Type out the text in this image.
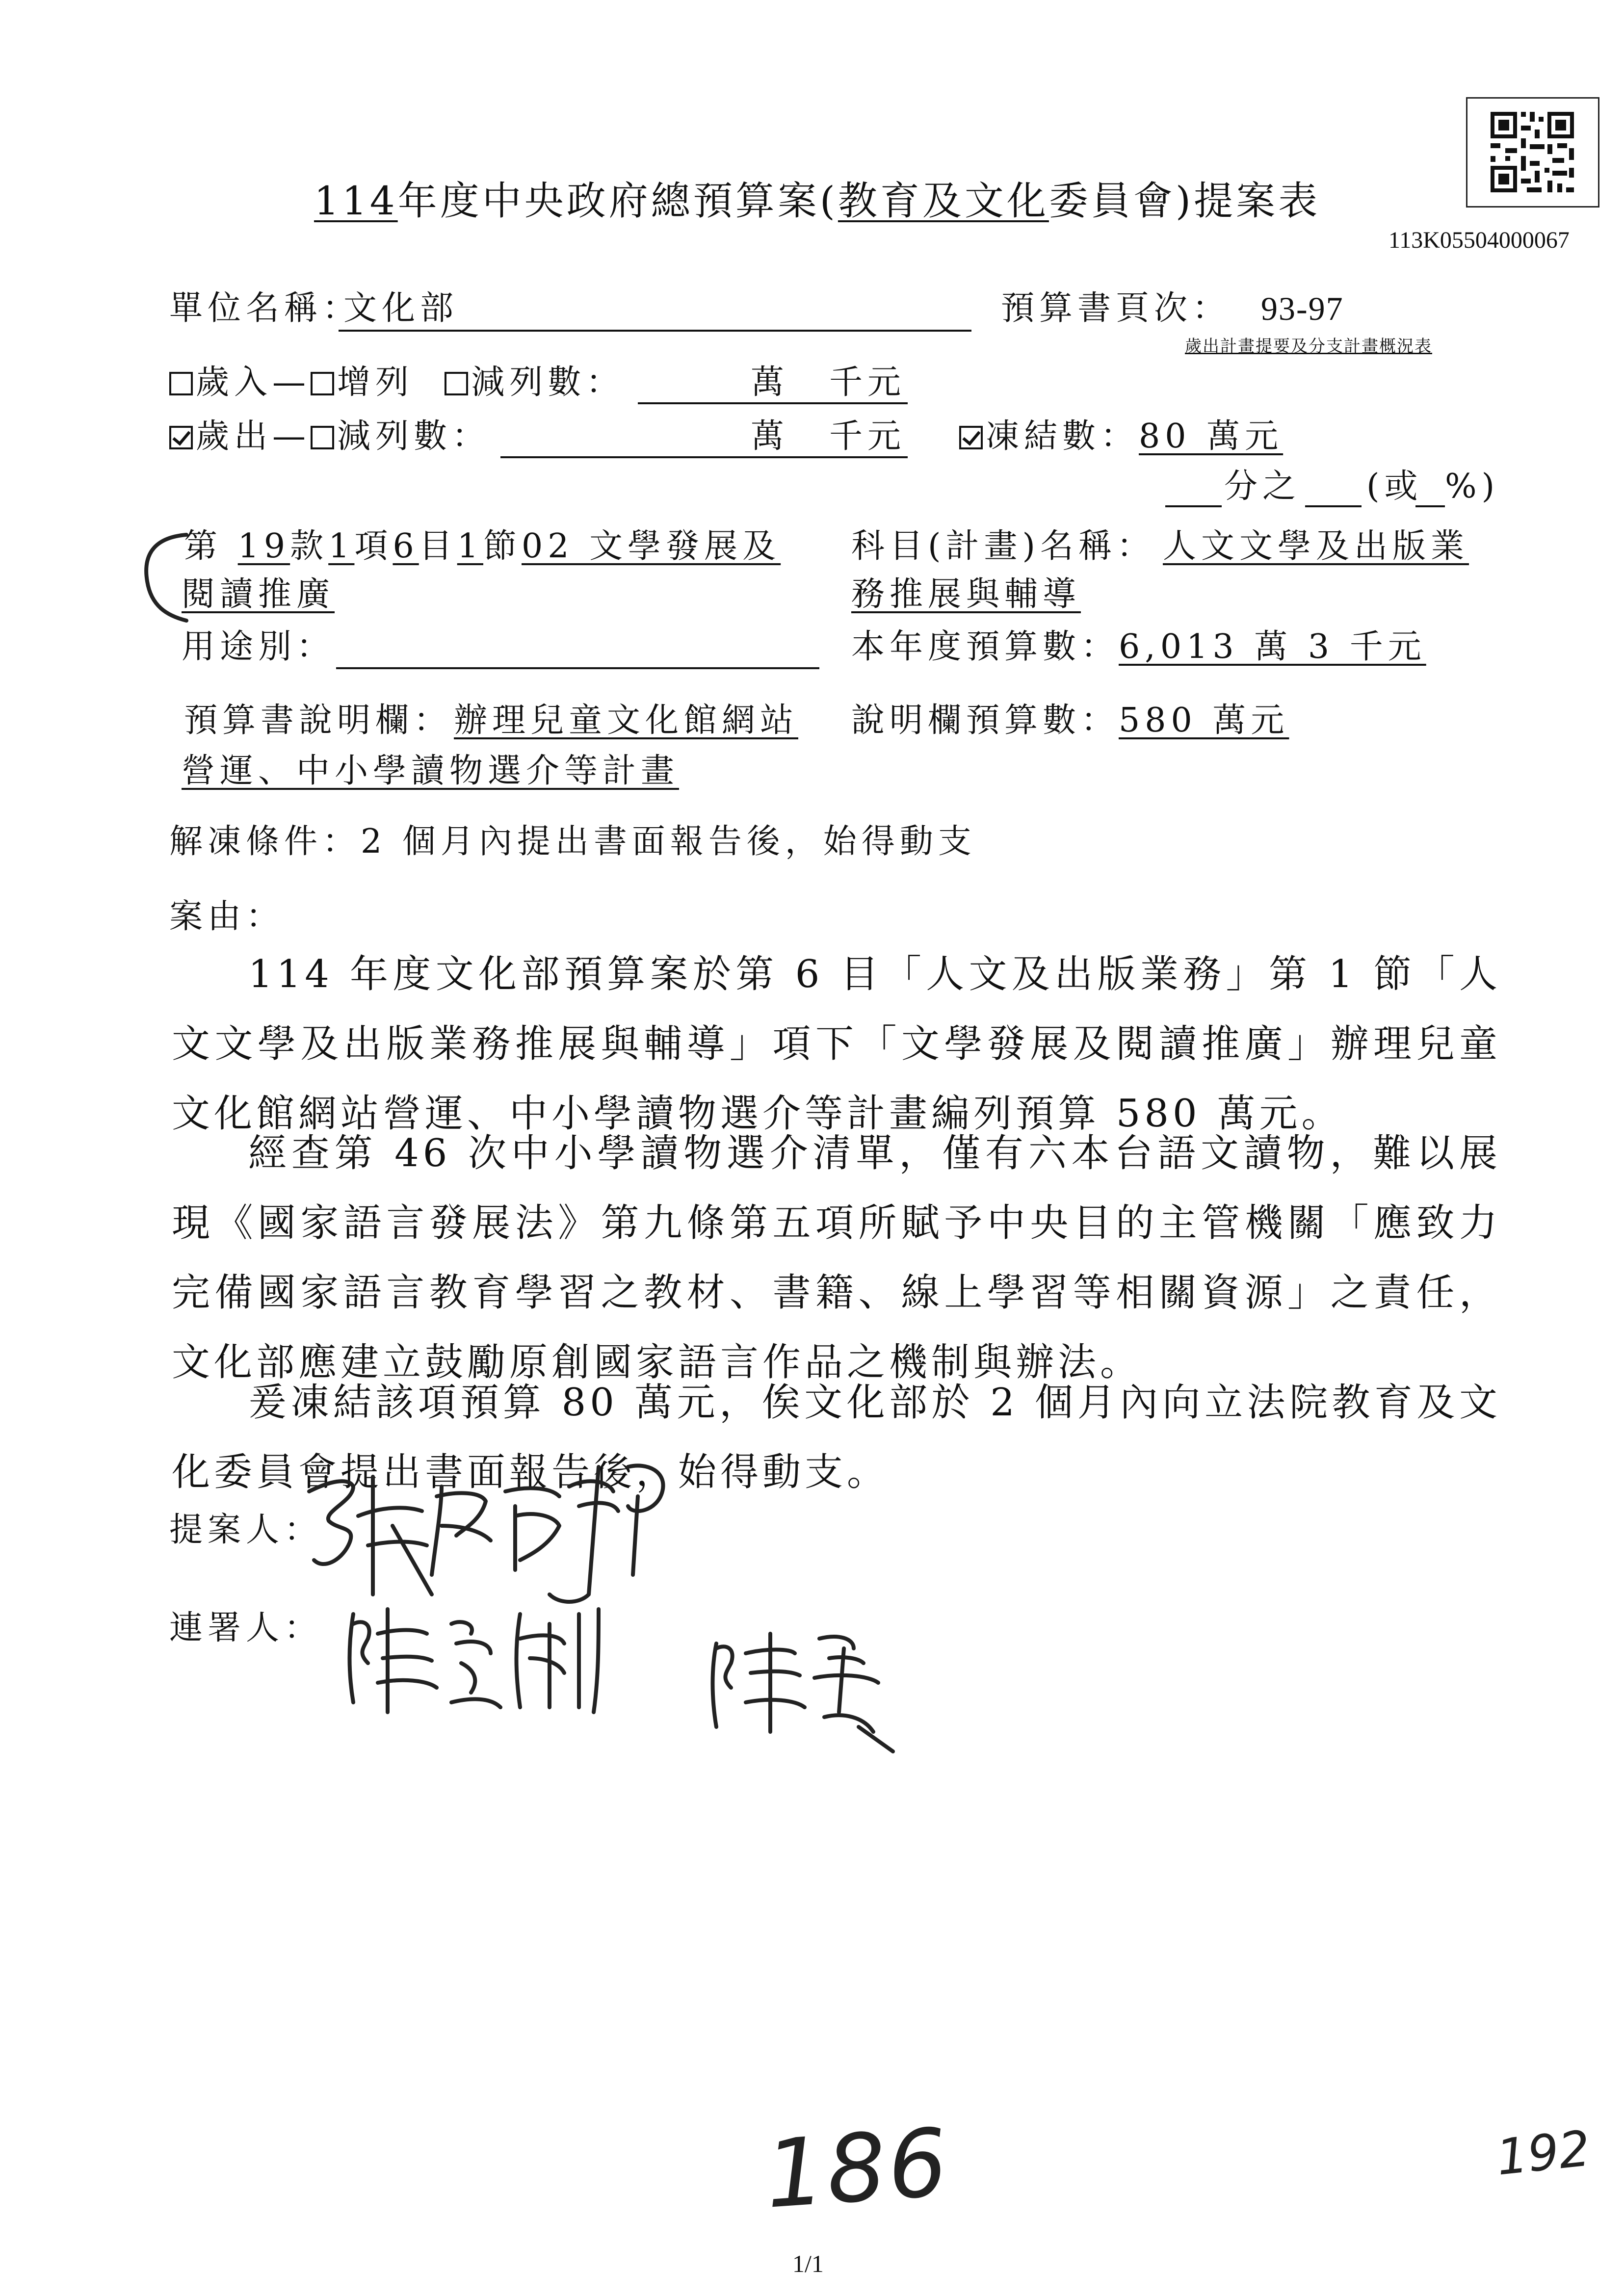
113K05504000067
114年度中央政府總預算案(教育及文化委員會)提案表
單位名稱：
文化部	預算書頁次： 93-97
歲出計畫提要及分支計畫概況表
歲入— 增列 減列數：	萬 千元
歲出— 減列數：	萬 千元	凍結數：80 萬元
分之 (或 %)
第 19款1項6目1節02 文學發展及
閱讀推廣
科目(計畫)名稱： 人文文學及出版業
務推展與輔導
用途別：	本年度預算數：
6,013 萬 3 千元
預算書說明欄： 辦理兒童文化館網站
營運、中小學讀物選介等計畫
說明欄預算數：
580 萬元
解凍條件：2 個月內提出書面報告後，始得動支
案由：
114 年度文化部預算案於第 6 目「人文及出版業務」第 1 節「人文文學及出版業務推展與輔導」項下「文學發展及閱讀推廣」辦理兒童文化館網站營運、中小學讀物選介等計畫編列預算 580 萬元。
經查第 46 次中小學讀物選介清單，僅有六本台語文讀物，難以展現《國家語言發展法》第九條第五項所賦予中央目的主管機關「應致力完備國家語言教育學習之教材、書籍、線上學習等相關資源」之責任，文化部應建立鼓勵原創國家語言作品之機制與辦法。
爰凍結該項預算 80 萬元，俟文化部於 2 個月內向立法院教育及文化委員會提出書面報告後，始得動支。
提案人：
連署人：
186	192
1/1
